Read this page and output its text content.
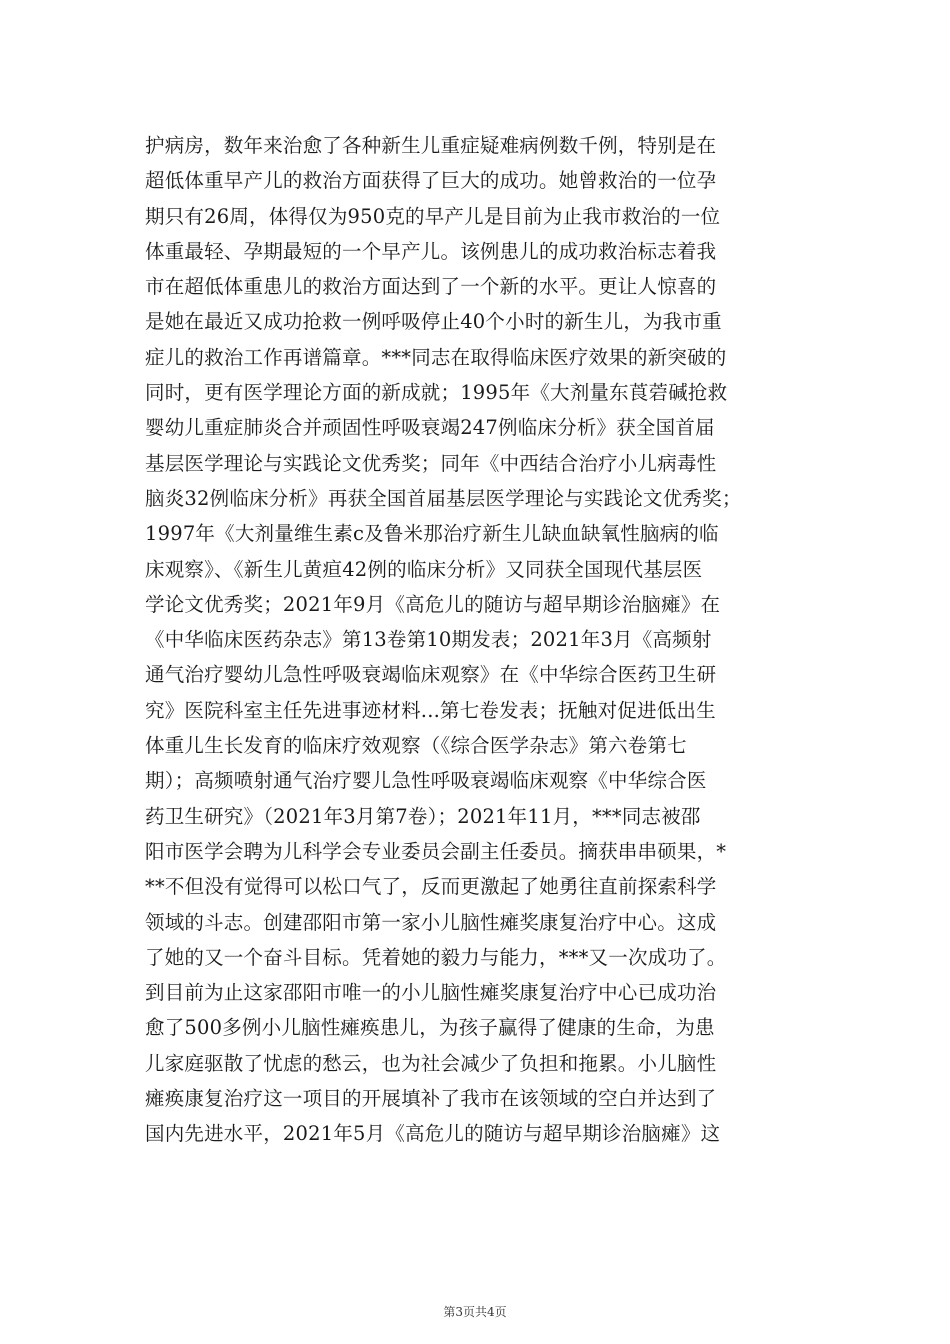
护病房，数年来治愈了各种新生儿重症疑难病例数千例，特别是在
超低体重早产儿的救治方面获得了巨大的成功。她曾救治的一位孕
期只有26周，体得仅为950克的早产儿是目前为止我市救治的一位
体重最轻、孕期最短的一个早产儿。该例患儿的成功救治标志着我
市在超低体重患儿的救治方面达到了一个新的水平。更让人惊喜的
是她在最近又成功抢救一例呼吸停止40个小时的新生儿，为我市重
症儿的救治工作再谱篇章。***同志在取得临床医疗效果的新突破的
同时，更有医学理论方面的新成就；1995年《大剂量东莨菪碱抢救
婴幼儿重症肺炎合并顽固性呼吸衰竭247例临床分析》获全国首届
基层医学理论与实践论文优秀奖；同年《中西结合治疗小儿病毒性
脑炎32例临床分析》再获全国首届基层医学理论与实践论文优秀奖；
1997年《大剂量维生素c及鲁米那治疗新生儿缺血缺氧性脑病的临
床观察》、《新生儿黄疸42例的临床分析》又同获全国现代基层医
学论文优秀奖；2021年9月《高危儿的随访与超早期诊治脑瘫》在
《中华临床医药杂志》第13卷第10期发表；2021年3月《高频射
通气治疗婴幼儿急性呼吸衰竭临床观察》在《中华综合医药卫生研
究》医院科室主任先进事迹材料...第七卷发表；抚触对促进低出生
体重儿生长发育的临床疗效观察（《综合医学杂志》第六卷第七
期）；高频喷射通气治疗婴儿急性呼吸衰竭临床观察《中华综合医
药卫生研究》（2021年3月第7卷）；2021年11月，***同志被邵
阳市医学会聘为儿科学会专业委员会副主任委员。摘获串串硕果，*
**不但没有觉得可以松口气了，反而更激起了她勇往直前探索科学
领域的斗志。创建邵阳市第一家小儿脑性瘫奖康复治疗中心。这成
了她的又一个奋斗目标。凭着她的毅力与能力，***又一次成功了。
到目前为止这家邵阳市唯一的小儿脑性瘫奖康复治疗中心已成功治
愈了500多例小儿脑性瘫痪患儿，为孩子赢得了健康的生命，为患
儿家庭驱散了忧虑的愁云，也为社会减少了负担和拖累。小儿脑性
瘫痪康复治疗这一项目的开展填补了我市在该领域的空白并达到了
国内先进水平，2021年5月《高危儿的随访与超早期诊治脑瘫》这
第3页共4页
